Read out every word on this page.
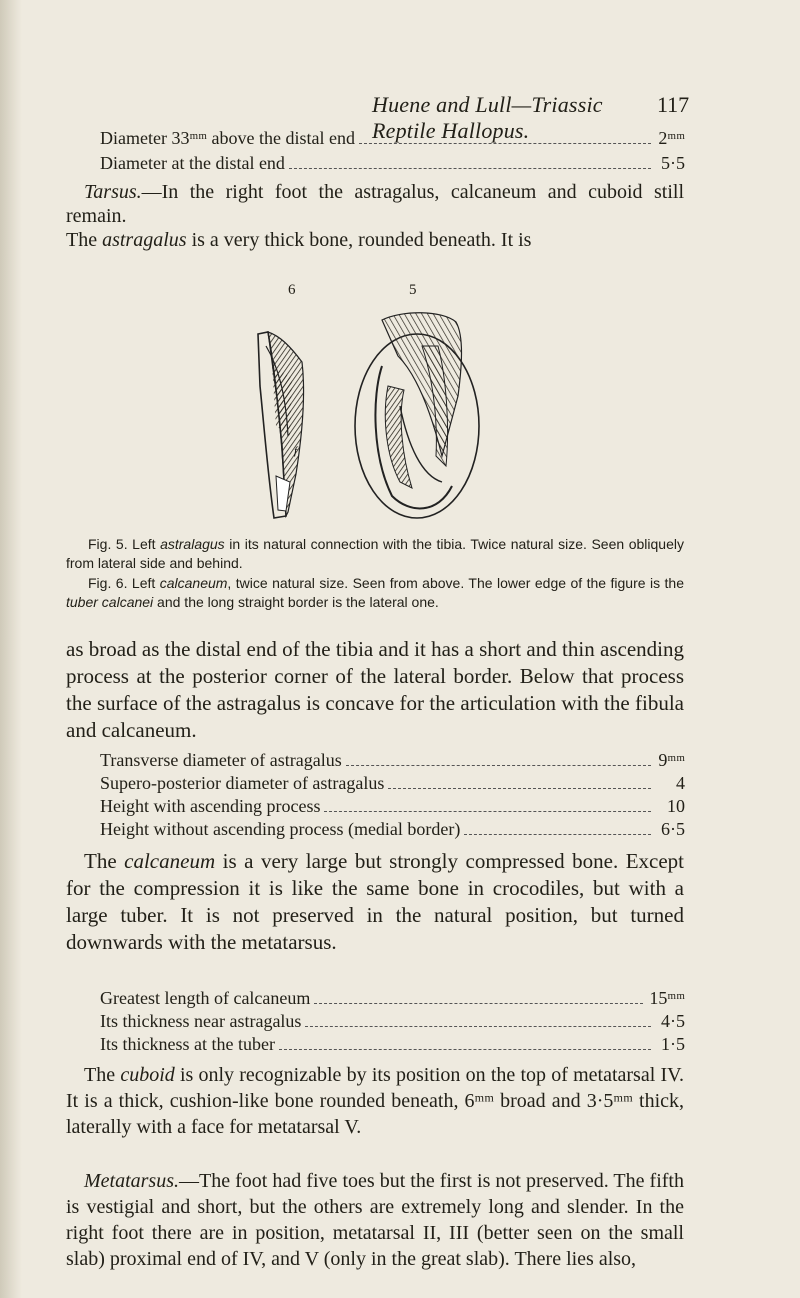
Huene and Lull—Triassic Reptile Hallopus.
117
Diameter 33ᵐᵐ above the distal end	2ᵐᵐ
Diameter at the distal end	5·5
Tarsus.—In the right foot the astragalus, calcaneum and cuboid still remain.
The astragalus is a very thick bone, rounded beneath. It is
6	5
f
Fig. 5. Left astralagus in its natural connection with the tibia. Twice natural size. Seen obliquely from lateral side and behind.
Fig. 6. Left calcaneum, twice natural size. Seen from above. The lower edge of the figure is the tuber calcanei and the long straight border is the lateral one.
as broad as the distal end of the tibia and it has a short and thin ascending process at the posterior corner of the lateral border. Below that process the surface of the astragalus is concave for the articulation with the fibula and calcaneum.
Transverse diameter of astragalus	9ᵐᵐ
Supero-posterior diameter of astragalus	4
Height with ascending process	10
Height without ascending process (medial border)	6·5
The calcaneum is a very large but strongly compressed bone. Except for the compression it is like the same bone in crocodiles, but with a large tuber. It is not preserved in the natural position, but turned downwards with the metatarsus.
Greatest length of calcaneum	15ᵐᵐ
Its thickness near astragalus	4·5
Its thickness at the tuber	1·5
The cuboid is only recognizable by its position on the top of metatarsal IV. It is a thick, cushion-like bone rounded beneath, 6ᵐᵐ broad and 3·5ᵐᵐ thick, laterally with a face for metatarsal V.
Metatarsus.—The foot had five toes but the first is not preserved. The fifth is vestigial and short, but the others are extremely long and slender. In the right foot there are in position, metatarsal II, III (better seen on the small slab) proximal end of IV, and V (only in the great slab). There lies also,
